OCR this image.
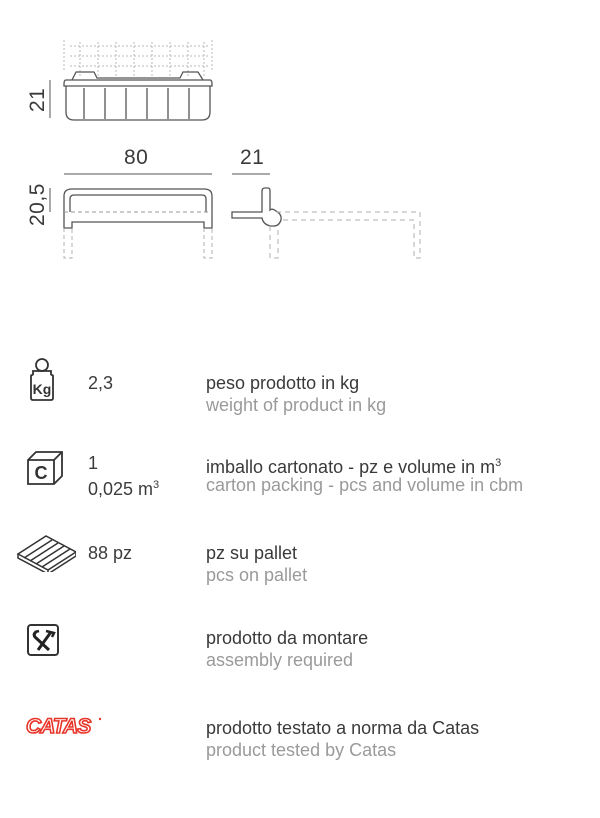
21
80
20,5
21
Kg 2,3	peso prodotto in kg
weight of product in kg
C 1
0,025 $m^3$
imballo cartonato - pz e volume in $m^3$
carton packing - pcs and volume in cbm
88 pz	pz su pallet
pcs on pallet
prodotto da montare
assembly required
CATAS	prodotto testato a norma da Catas
product tested by Catas
